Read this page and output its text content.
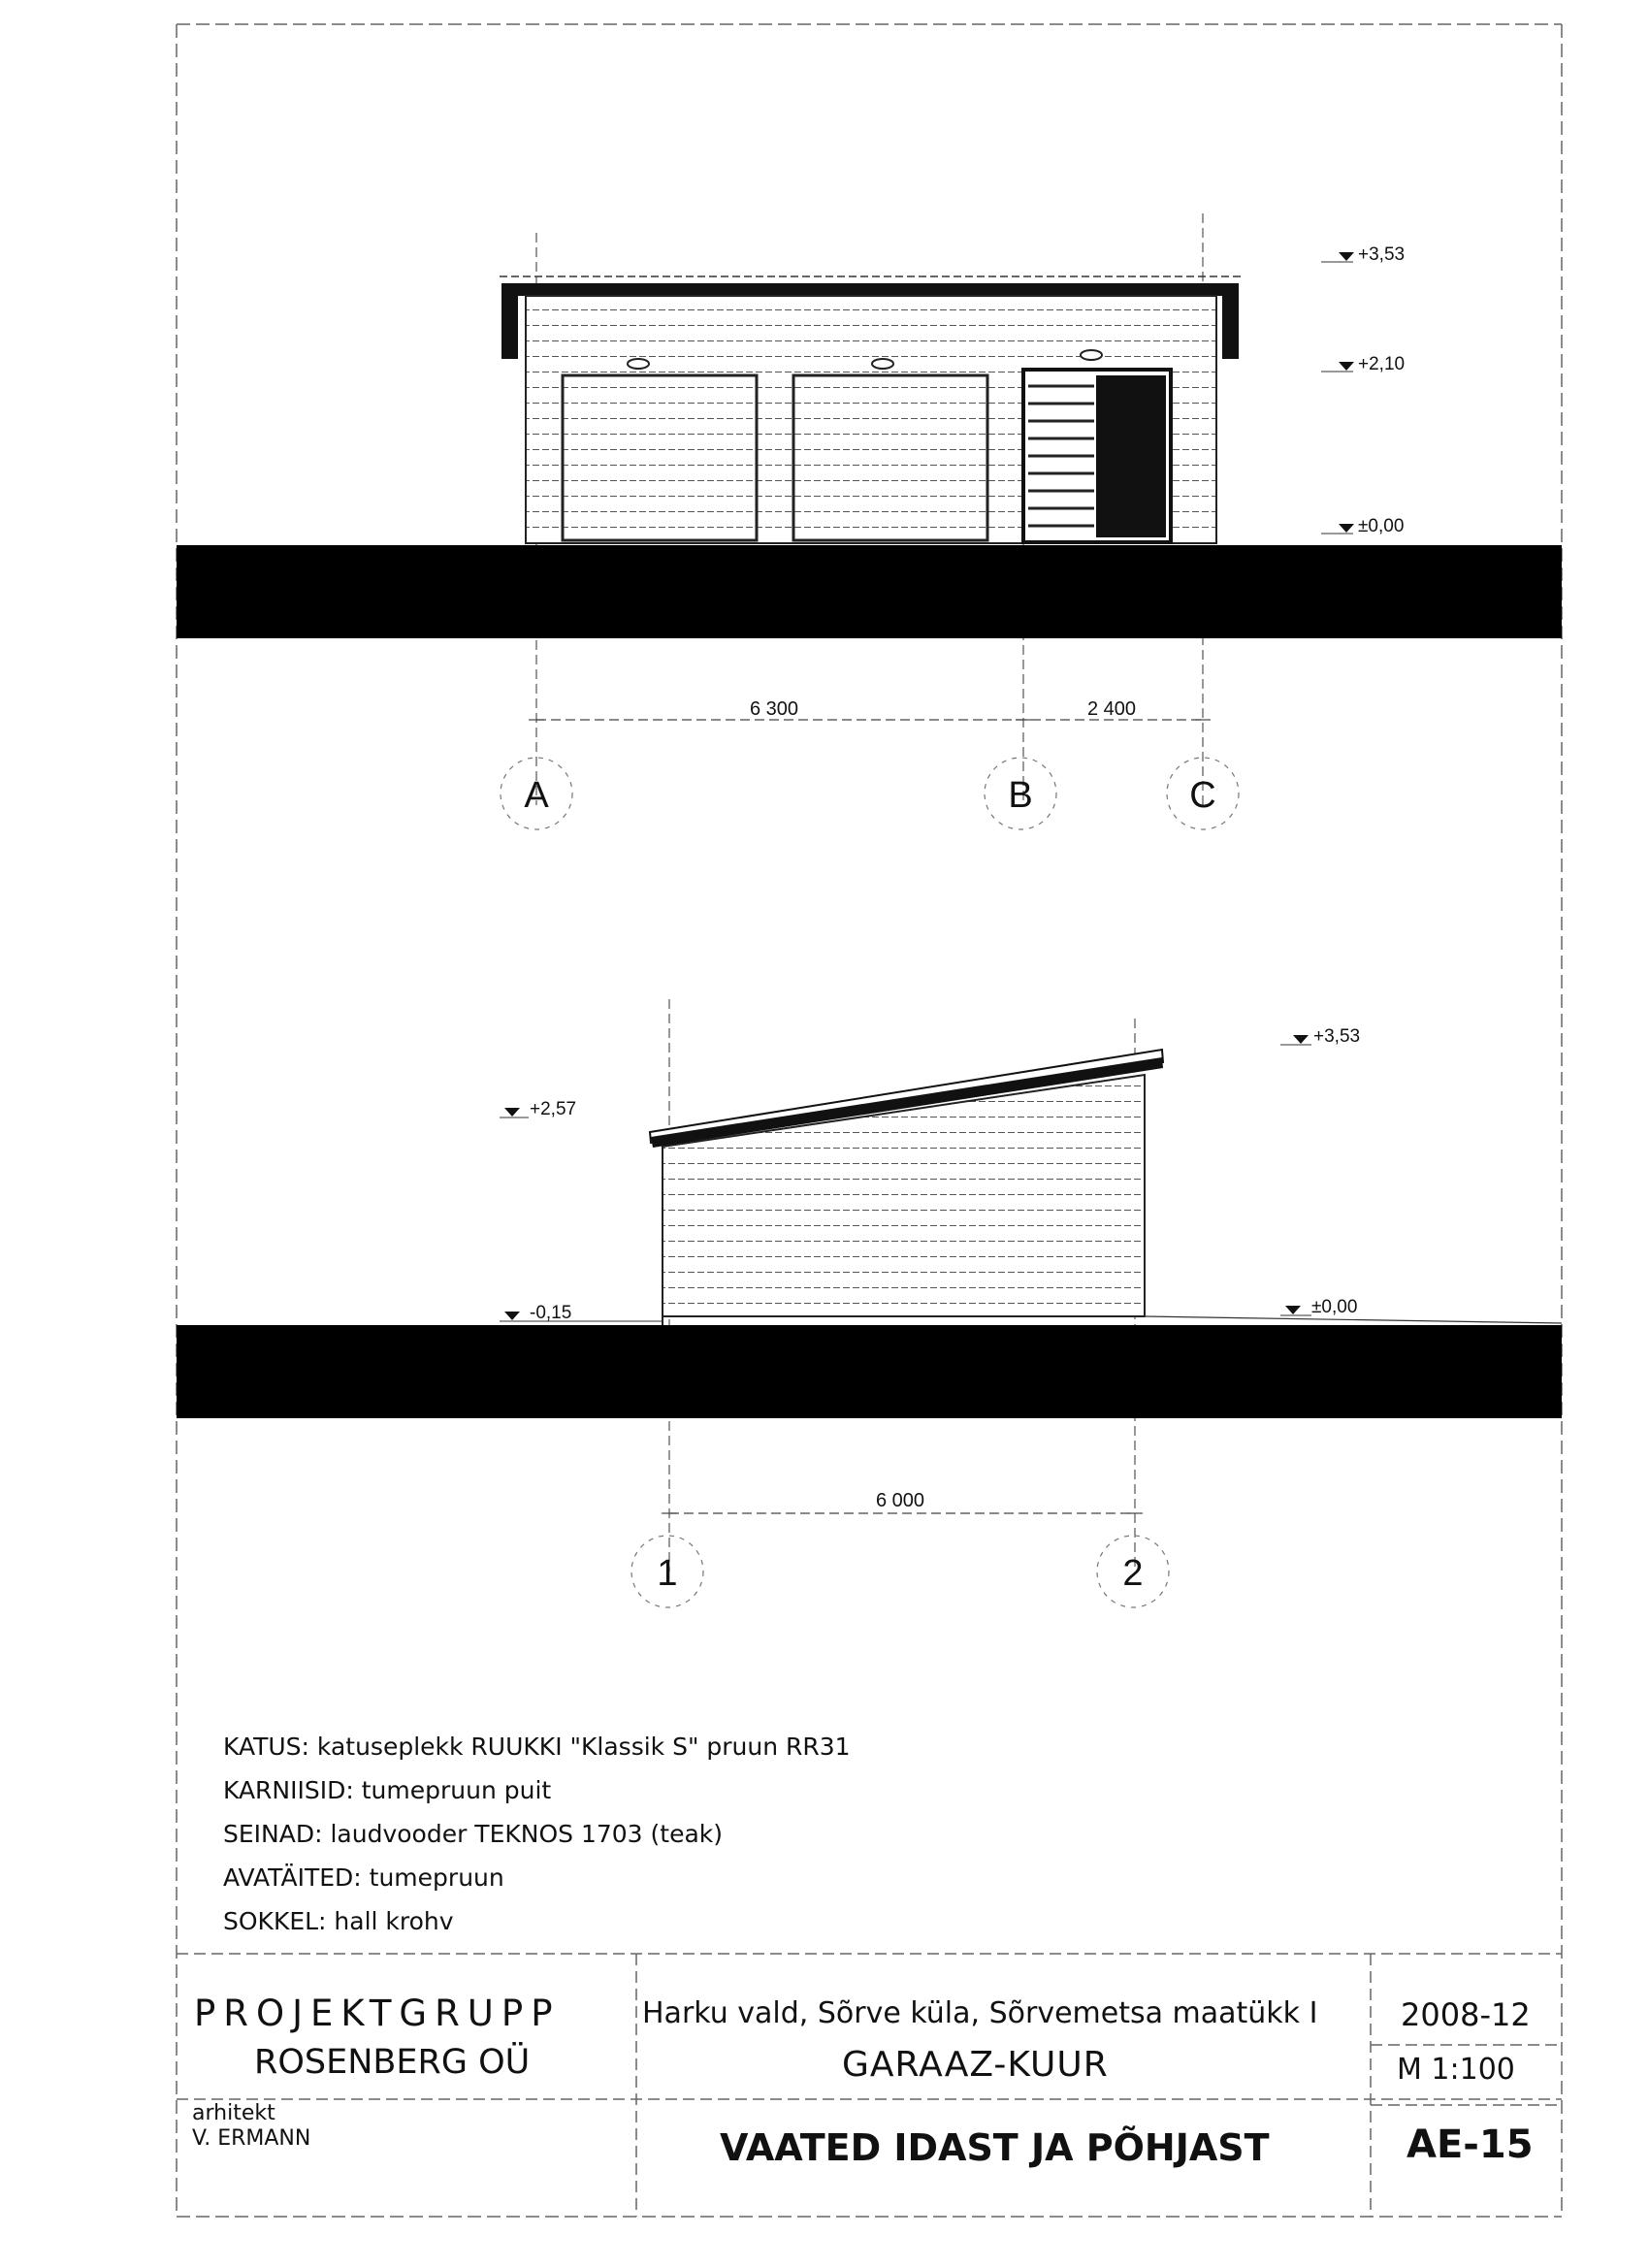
+3,53
+2,10
±0,00
6 300	2 400
A	B	C
+3,53
+2,57
-0,15	±0,00
6 000
1	2
KATUS: katuseplekk RUUKKI "Klassik S" pruun RR31
KARNIISID: tumepruun puit
SEINAD: laudvooder TEKNOS 1703 (teak)
AVATÄITED: tumepruun
SOKKEL: hall krohv
PROJEKTGRUPP
ROSENBERG OÜ
arhitekt
V. ERMANN
Harku vald, Sõrve küla, Sõrvemetsa maatükk I
GARAAZ-KUUR
VAATED IDAST JA PÕHJAST
2008-12
M 1:100
AE-15
